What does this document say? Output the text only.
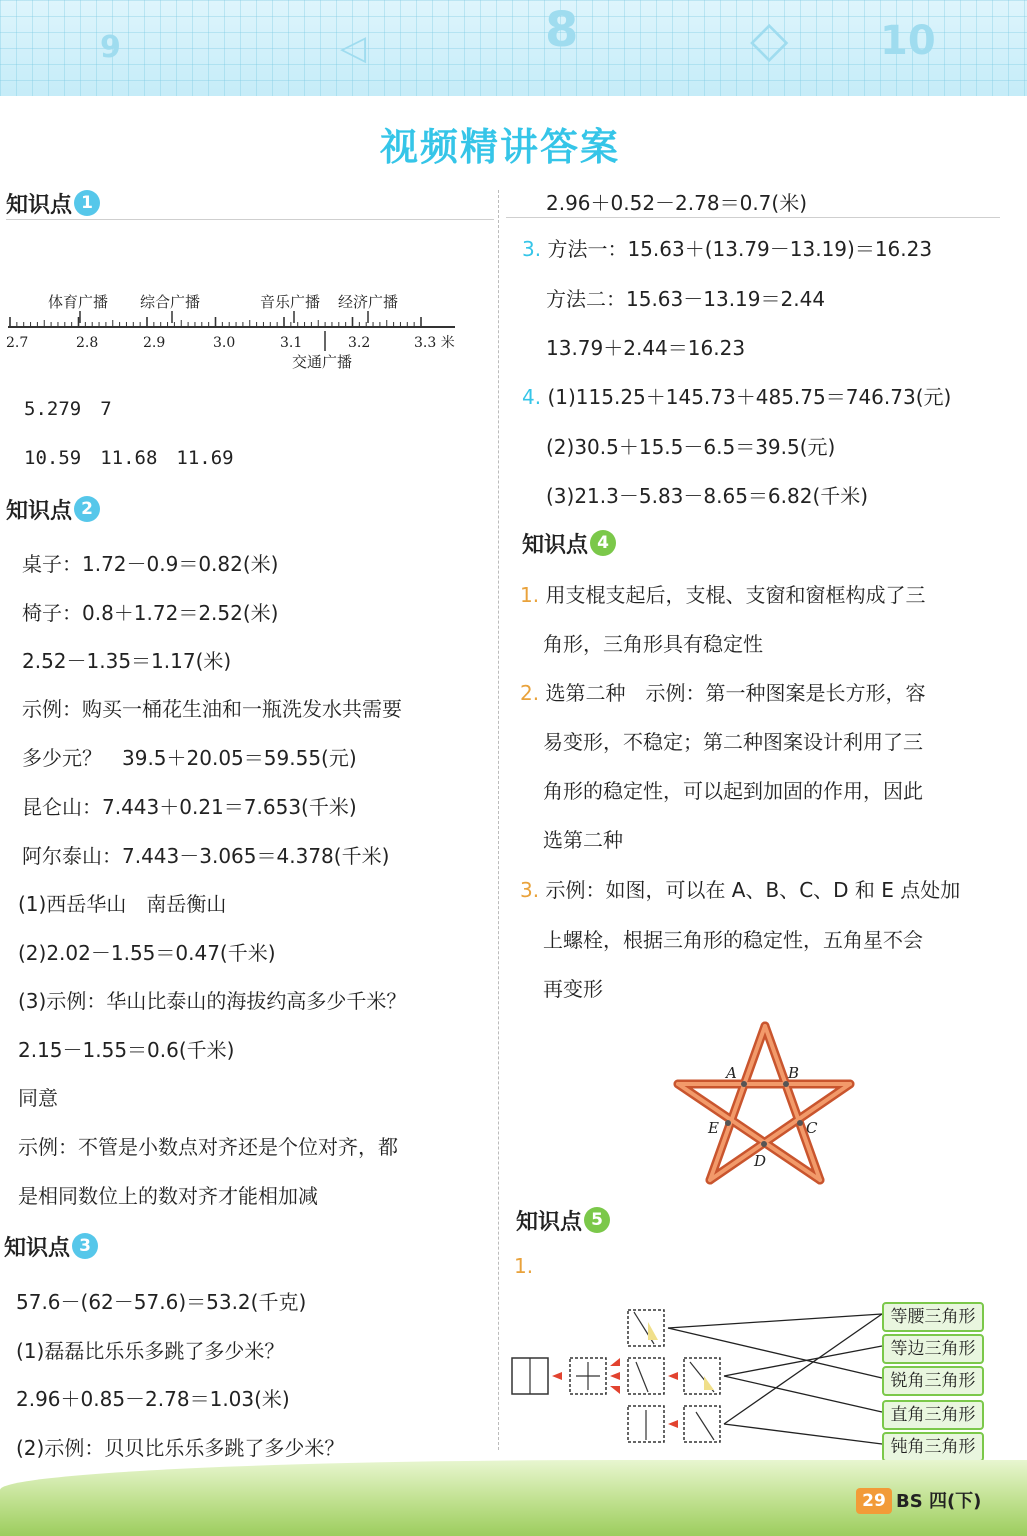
9	◁	8	◇ 10
视频精讲答案
知识点 1
2.7	2.8	2.9	3.0	3.1	3.2	3.3 米
体育广播 综合广播	音乐广播 经济广播
交通广播
5.279　7
10.59　11.68　11.69
知识点 2
桌子：1.72－0.9＝0.82(米)
椅子：0.8＋1.72＝2.52(米)
2.52－1.35＝1.17(米)
示例：购买一桶花生油和一瓶洗发水共需要
多少元？　39.5＋20.05＝59.55(元)
昆仑山：7.443＋0.21＝7.653(千米)
阿尔泰山：7.443－3.065＝4.378(千米)
(1)西岳华山　南岳衡山
(2)2.02－1.55＝0.47(千米)
(3)示例：华山比泰山的海拔约高多少千米？
2.15－1.55＝0.6(千米)
同意
示例：不管是小数点对齐还是个位对齐，都
是相同数位上的数对齐才能相加减
知识点 3
57.6－(62－57.6)＝53.2(千克)
(1)磊磊比乐乐多跳了多少米？
2.96＋0.85－2.78＝1.03(米)
(2)示例：贝贝比乐乐多跳了多少米？
2.96＋0.52－2.78＝0.7(米)
3. 方法一：15.63＋(13.79－13.19)＝16.23
方法二：15.63－13.19＝2.44
13.79＋2.44＝16.23
4. (1)115.25＋145.73＋485.75＝746.73(元)
(2)30.5＋15.5－6.5＝39.5(元)
(3)21.3－5.83－8.65＝6.82(千米)
知识点 4
1. 用支棍支起后，支棍、支窗和窗框构成了三
角形，三角形具有稳定性
2. 选第二种　示例：第一种图案是长方形，容
易变形，不稳定；第二种图案设计利用了三
角形的稳定性，可以起到加固的作用，因此
选第二种
3. 示例：如图，可以在 A、B、C、D 和 E 点处加
上螺栓，根据三角形的稳定性，五角星不会
再变形
A	B
C
D
E
知识点 5
1.
等腰三角形
等边三角形
锐角三角形
直角三角形
钝角三角形
29 BS 四(下)
